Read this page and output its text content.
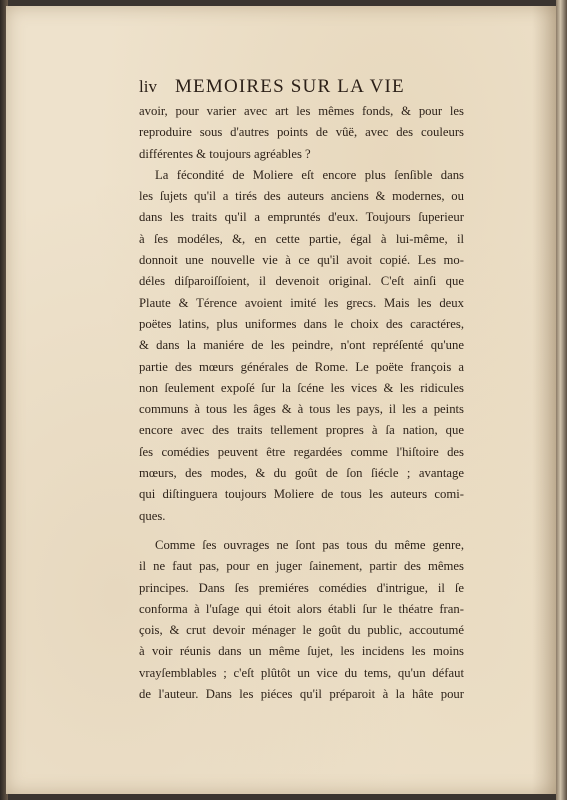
liv MEMOIRES SUR LA VIE

avoir, pour varier avec art les mêmes fonds, & pour les
reproduire sous d'autres points de vûë, avec des couleurs
différentes & toujours agréables ?

La fécondité de Moliere eſt encore plus ſenſible dans
les ſujets qu'il a tirés des auteurs anciens & modernes, ou
dans les traits qu'il a empruntés d'eux. Toujours ſuperieur
à ſes modéles, &, en cette partie, égal à lui-même, il
donnoit une nouvelle vie à ce qu'il avoit copié. Les mo-
déles diſparoiſſoient, il devenoit original. C'eſt ainſi que
Plaute & Térence avoient imité les grecs. Mais les deux
poëtes latins, plus uniformes dans le choix des caractéres,
& dans la maniére de les peindre, n'ont repréſenté qu'une
partie des mœurs générales de Rome. Le poëte françois a
non ſeulement expoſé ſur la ſcéne les vices & les ridicules
communs à tous les âges & à tous les pays, il les a peints
encore avec des traits tellement propres à ſa nation, que
ſes comédies peuvent être regardées comme l'hiſtoire des
mœurs, des modes, & du goût de ſon ſiécle ; avantage
qui diſtinguera toujours Moliere de tous les auteurs comi-
ques.

Comme ſes ouvrages ne ſont pas tous du même genre,
il ne faut pas, pour en juger ſainement, partir des mêmes
principes. Dans ſes premiéres comédies d'intrigue, il ſe
conforma à l'uſage qui étoit alors établi ſur le théatre fran-
çois, & crut devoir ménager le goût du public, accoutumé
à voir réunis dans un même ſujet, les incidens les moins
vrayſemblables ; c'eſt plûtôt un vice du tems, qu'un défaut
de l'auteur. Dans les piéces qu'il préparoit à la hâte pour
